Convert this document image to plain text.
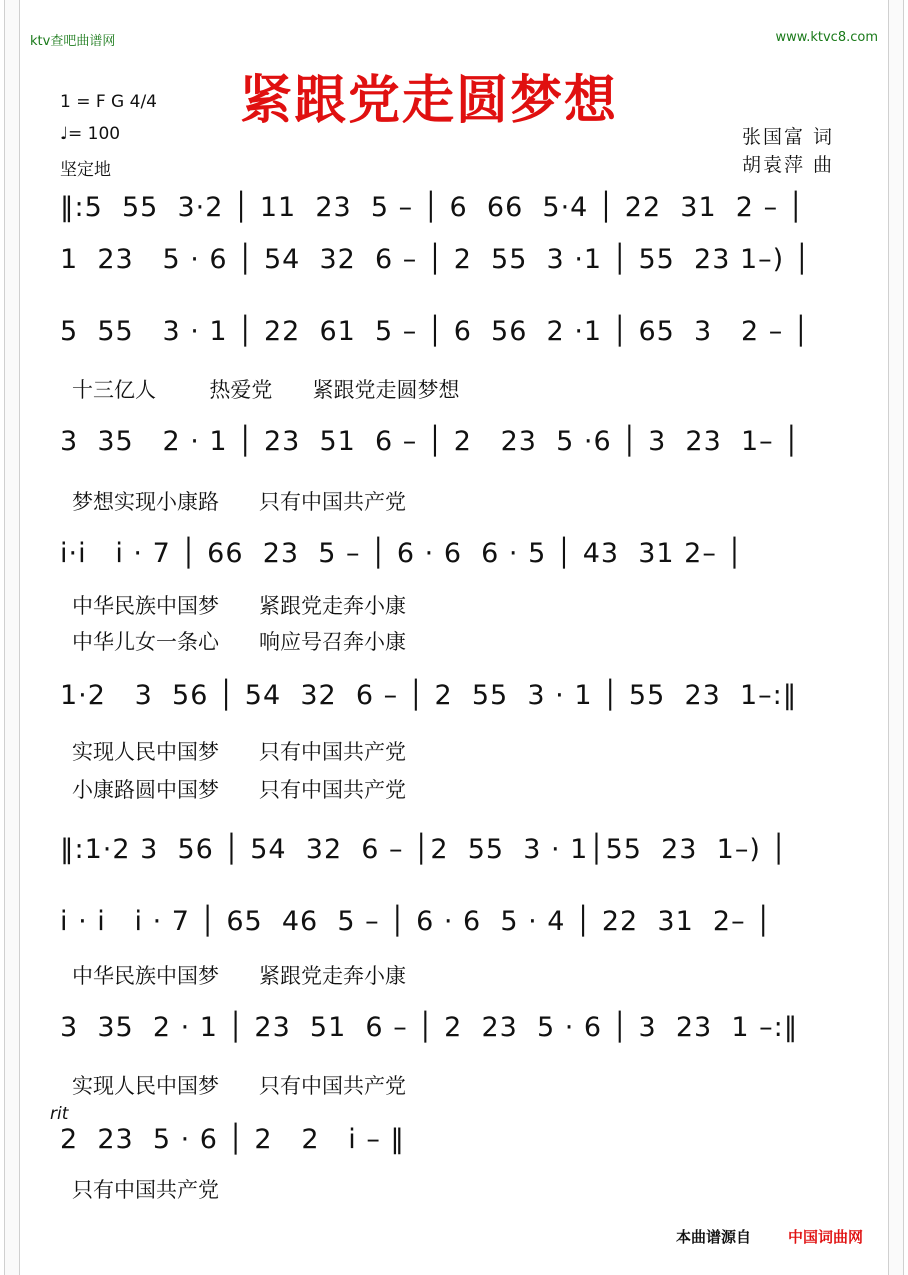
ktv查吧曲谱网	www.ktvc8.com
紧跟党走圆梦想
1 = F G 4/4
♩= 100
坚定地
张国富 词
胡袁萍 曲
‖:5  55  3·2 │ 11  23  5 – │ 6  66  5·4 │ 22  31  2 – │
1  23   5 · 6 │ 54  32  6 – │ 2  55  3 ·1 │ 55  23 1–) │
5  55   3 · 1 │ 22  61  5 – │ 6  56  2 ·1 │ 65  3   2 – │
十三亿人        热爱党      紧跟党走圆梦想
3  35   2 · 1 │ 23  51  6 – │ 2   23  5 ·6 │ 3  23  1– │
梦想实现小康路      只有中国共产党
i·i   i · 7 │ 66  23  5 – │ 6 · 6  6 · 5 │ 43  31 2– │
中华民族中国梦      紧跟党走奔小康
中华儿女一条心      响应号召奔小康
1·2   3  56 │ 54  32  6 – │ 2  55  3 · 1 │ 55  23  1–:‖
实现人民中国梦      只有中国共产党
小康路圆中国梦      只有中国共产党
‖:1·2 3  56 │ 54  32  6 – │2  55  3 · 1│55  23  1–) │
i · i   i · 7 │ 65  46  5 – │ 6 · 6  5 · 4 │ 22  31  2– │
中华民族中国梦      紧跟党走奔小康
3  35  2 · 1 │ 23  51  6 – │ 2  23  5 · 6 │ 3  23  1 –:‖
实现人民中国梦      只有中国共产党
rit
2  23  5 · 6 │ 2   2   i – ‖
只有中国共产党
本曲谱源自 中国词曲网
